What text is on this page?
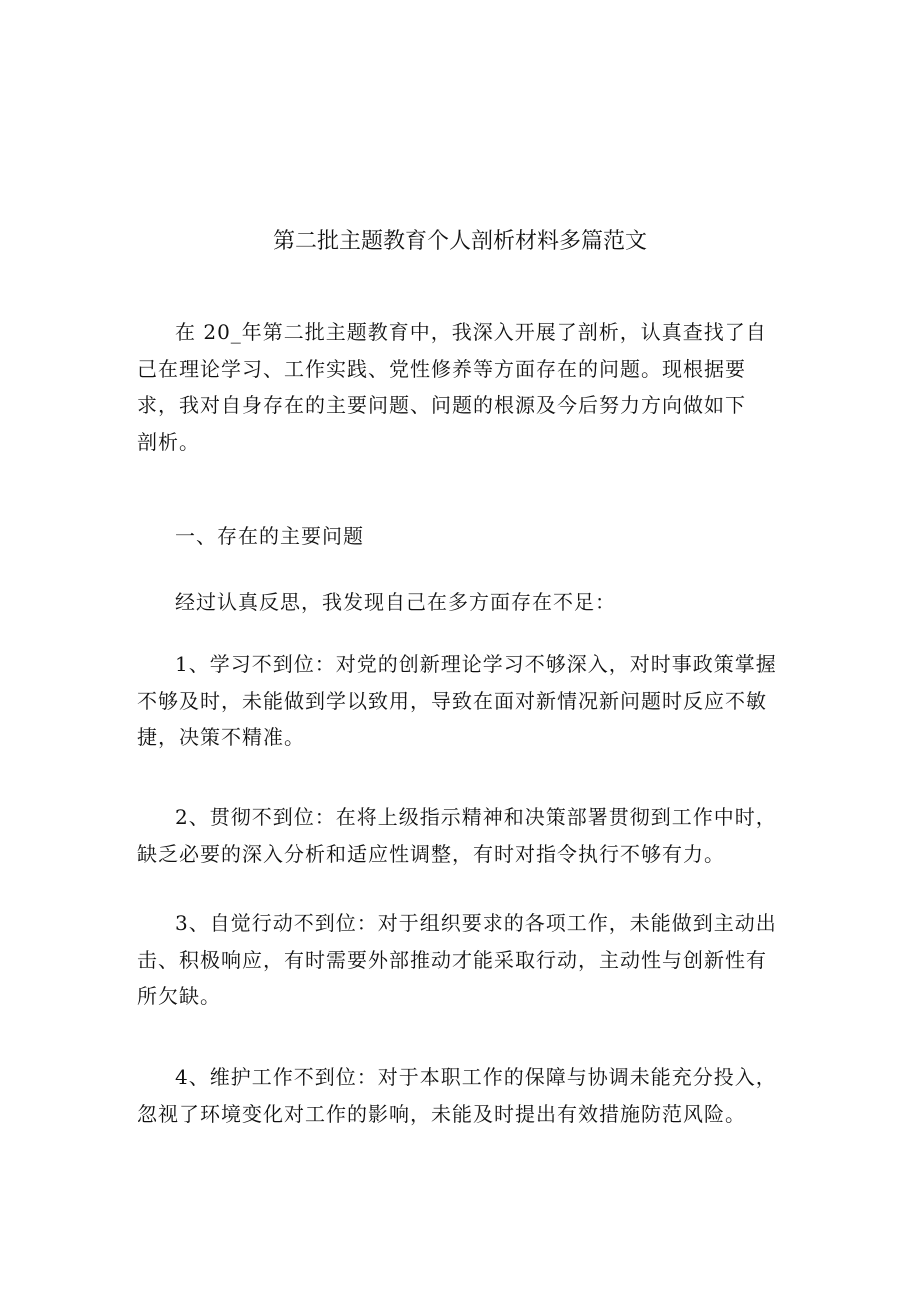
第二批主题教育个人剖析材料多篇范文
在 20_年第二批主题教育中，我深入开展了剖析，认真查找了自
己在理论学习、工作实践、党性修养等方面存在的问题。现根据要
求，我对自身存在的主要问题、问题的根源及今后努力方向做如下
剖析。
一、存在的主要问题
经过认真反思，我发现自己在多方面存在不足：
1、学习不到位：对党的创新理论学习不够深入，对时事政策掌握
不够及时，未能做到学以致用，导致在面对新情况新问题时反应不敏
捷，决策不精准。
2、贯彻不到位：在将上级指示精神和决策部署贯彻到工作中时，
缺乏必要的深入分析和适应性调整，有时对指令执行不够有力。
3、自觉行动不到位：对于组织要求的各项工作，未能做到主动出
击、积极响应，有时需要外部推动才能采取行动，主动性与创新性有
所欠缺。
4、维护工作不到位：对于本职工作的保障与协调未能充分投入，
忽视了环境变化对工作的影响，未能及时提出有效措施防范风险。
